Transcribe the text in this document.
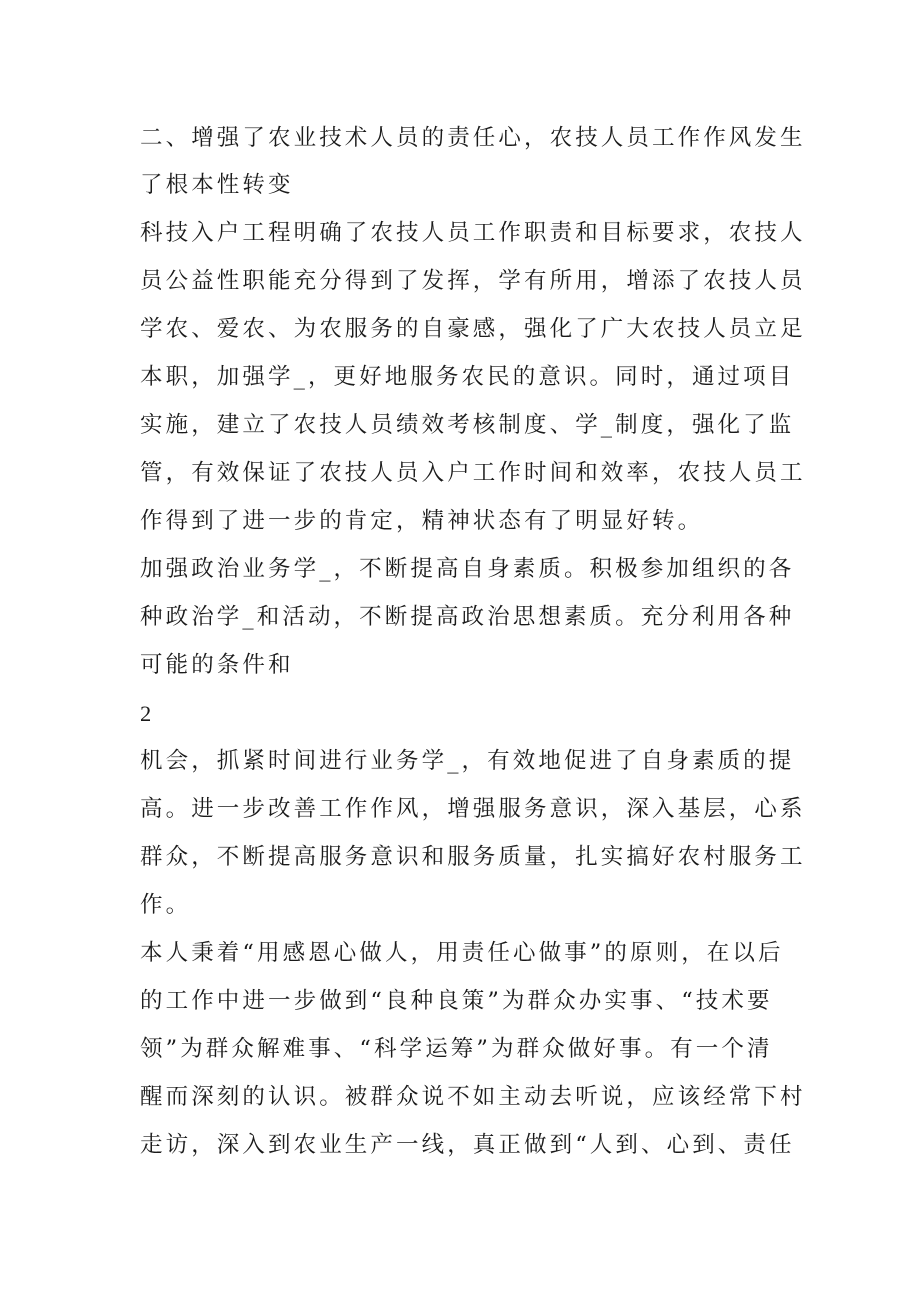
二、增强了农业技术人员的责任心，农技人员工作作风发生
了根本性转变
科技入户工程明确了农技人员工作职责和目标要求，农技人
员公益性职能充分得到了发挥，学有所用，增添了农技人员
学农、爱农、为农服务的自豪感，强化了广大农技人员立足
本职，加强学_，更好地服务农民的意识。同时，通过项目
实施，建立了农技人员绩效考核制度、学_制度，强化了监
管，有效保证了农技人员入户工作时间和效率，农技人员工
作得到了进一步的肯定，精神状态有了明显好转。
加强政治业务学_，不断提高自身素质。积极参加组织的各
种政治学_和活动，不断提高政治思想素质。充分利用各种
可能的条件和
2
机会，抓紧时间进行业务学_，有效地促进了自身素质的提
高。进一步改善工作作风，增强服务意识，深入基层，心系
群众，不断提高服务意识和服务质量，扎实搞好农村服务工
作。
本人秉着“用感恩心做人，用责任心做事”的原则，在以后
的工作中进一步做到“良种良策”为群众办实事、“技术要
领”为群众解难事、“科学运筹”为群众做好事。有一个清
醒而深刻的认识。被群众说不如主动去听说，应该经常下村
走访，深入到农业生产一线，真正做到“人到、心到、责任
